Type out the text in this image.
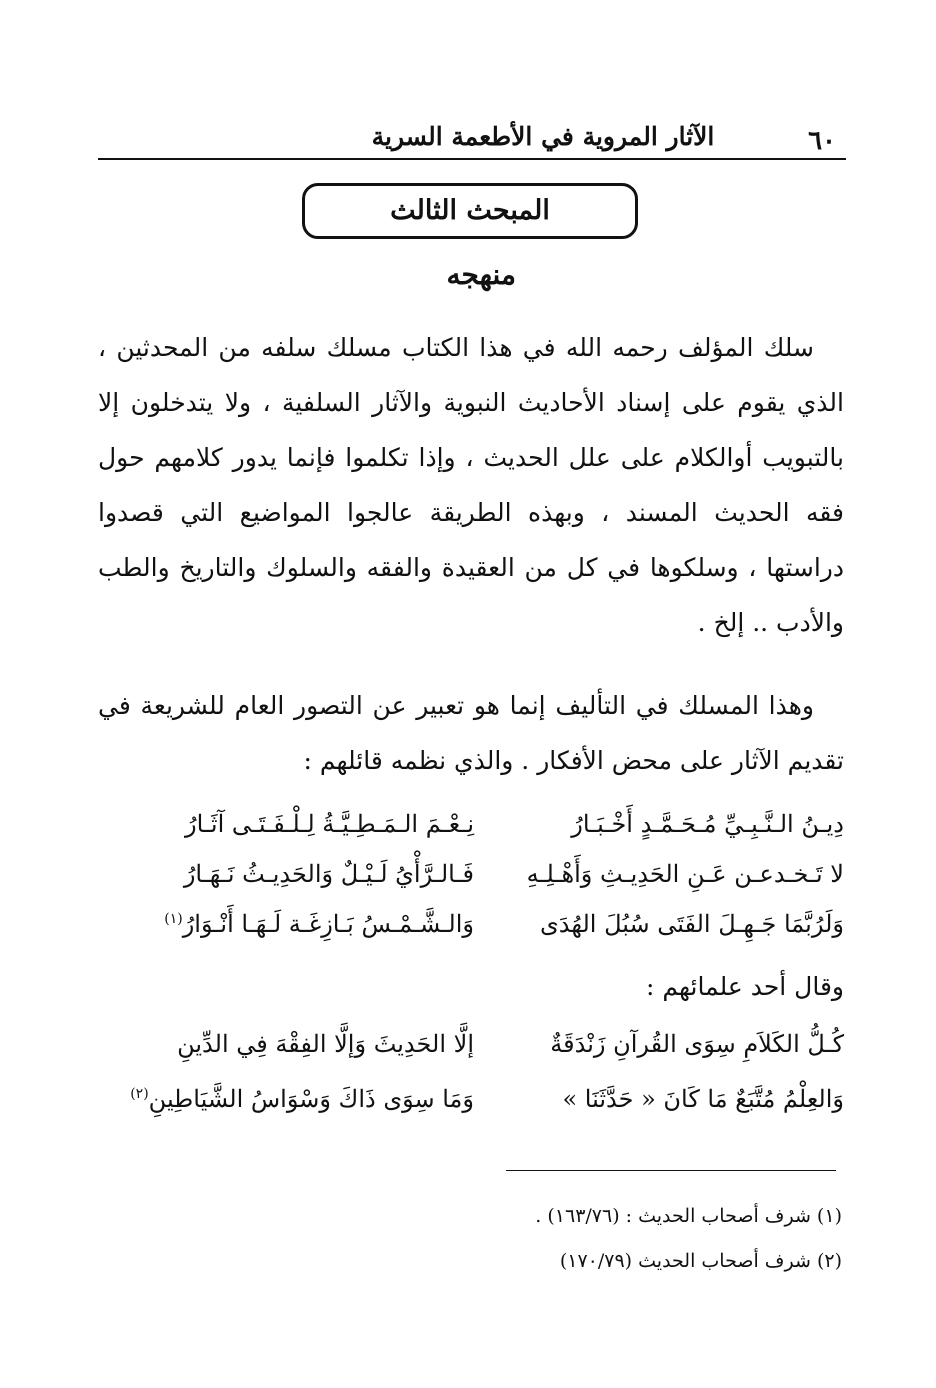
٦٠
الآثار المروية في الأطعمة السرية
المبحث الثالث
منهجه
سلك المؤلف رحمه الله في هذا الكتاب مسلك سلفه من المحدثين ، الذي يقوم على إسناد الأحاديث النبوية والآثار السلفية ، ولا يتدخلون إلا بالتبويب أوالكلام على علل الحديث ، وإذا تكلموا فإنما يدور كلامهم حول فقه الحديث المسند ، وبهذه الطريقة عالجوا المواضيع التي قصدوا دراستها ، وسلكوها في كل من العقيدة والفقه والسلوك والتاريخ والطب والأدب .. إلخ .
وهذا المسلك في التأليف إنما هو تعبير عن التصور العام للشريعة في تقديم الآثار على محض الأفكار . والذي نظمه قائلهم :
دِيـنُ الـنَّـبِـيِّ مُـحَـمَّـدٍ أَخْـبَـارُ
نِـعْـمَ الـمَـطِـيَّـةُ لِـلْـفَـتَـى آثَـارُ
لا تَـخـدعـن عَـنِ الحَدِيـثِ وَأَهْـلِـهِ
فَـالـرَّأْيُ لَـيْـلٌ وَالحَدِيـثُ نَـهَـارُ
وَلَرُبَّمَا جَـهِـلَ الفَتَى سُبُلَ الهُدَى
وَالـشَّـمْـسُ بَـازِغَـة لَـهَـا أَنْـوَارُ$^{(١)}$
وقال أحد علمائهم :
كُـلُّ الكَلاَمِ سِوَى القُرآنِ زَنْدَقَةٌ
إلَّا الحَدِيثَ وَإلَّا الفِقْهَ فِي الدِّينِ
وَالعِلْمُ مُتَّبَعٌ مَا كَانَ « حَدَّثَنَا »
وَمَا سِوَى ذَاكَ وَسْوَاسُ الشَّيَاطِينِ$^{(٢)}$
(١) شرف أصحاب الحديث : (١٦٣/٧٦) .
(٢) شرف أصحاب الحديث (١٧٠/٧٩)
